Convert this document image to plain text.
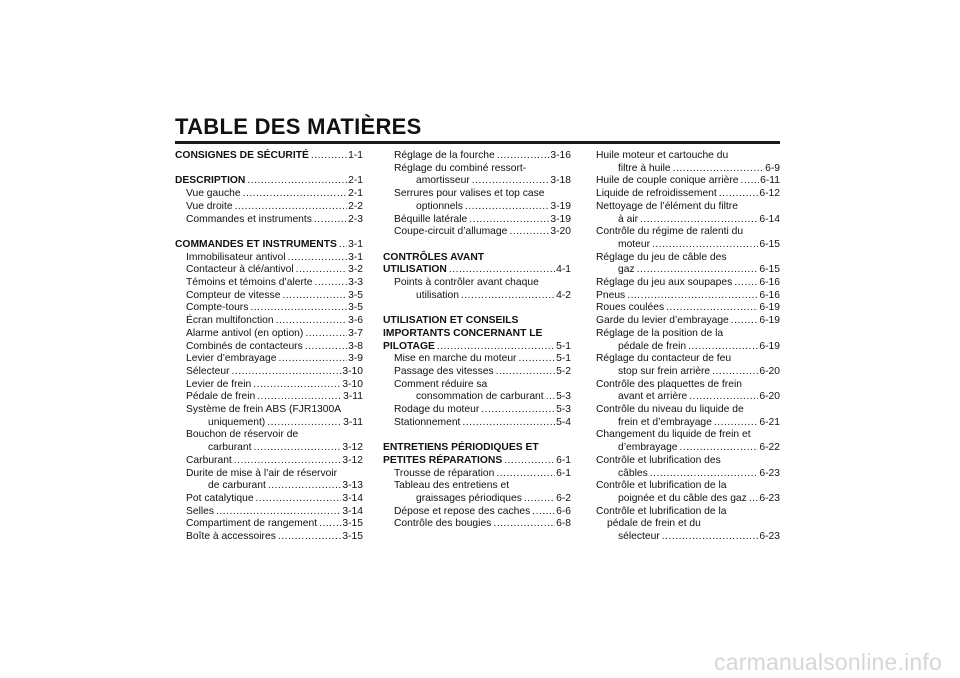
TABLE DES MATIÈRES
CONSIGNES DE SÉCURITÉ .....	1-1
DESCRIPTION .....	2-1
Vue gauche .....	2-1
Vue droite .....	2-2
Commandes et instruments .....	2-3
COMMANDES ET INSTRUMENTS ..... 3-1
Immobilisateur antivol .....	3-1
Contacteur à clé/antivol .....	3-2
Témoins et témoins d’alerte .....	3-3
Compteur de vitesse .....	3-5
Compte-tours .....	3-5
Écran multifonction .....	3-6
Alarme antivol (en option) .....	3-7
Combinés de contacteurs .....	3-8
Levier d’embrayage .....	3-9
Sélecteur .....	3-10
Levier de frein .....	3-10
Pédale de frein .....	3-11
Système de frein ABS (FJR1300A
uniquement) .....	3-11
Bouchon de réservoir de
carburant .....	3-12
Carburant .....	3-12
Durite de mise à l’air de réservoir
de carburant .....	3-13
Pot catalytique .....	3-14
Selles .....	3-14
Compartiment de rangement ..... 3-15
Boîte à accessoires .....	3-15
Réglage de la fourche .....	3-16
Réglage du combiné ressort-
amortisseur .....	3-18
Serrures pour valises et top case
optionnels .....	3-19
Béquille latérale .....	3-19
Coupe-circuit d’allumage .....	3-20
CONTRÔLES AVANT
UTILISATION .....	4-1
Points à contrôler avant chaque
utilisation .....	4-2
UTILISATION ET CONSEILS
IMPORTANTS CONCERNANT LE
PILOTAGE .....	5-1
Mise en marche du moteur .....	5-1
Passage des vitesses .....	5-2
Comment réduire sa
consommation de carburant ..... 5-3
Rodage du moteur .....	5-3
Stationnement .....	5-4
ENTRETIENS PÉRIODIQUES ET
PETITES RÉPARATIONS .....	6-1
Trousse de réparation .....	6-1
Tableau des entretiens et
graissages périodiques .....	6-2
Dépose et repose des caches .....	6-6
Contrôle des bougies .....	6-8
Huile moteur et cartouche du
filtre à huile .....	6-9
Huile de couple conique arrière ..... 6-11
Liquide de refroidissement .....	6-12
Nettoyage de l’élément du filtre
à air .....	6-14
Contrôle du régime de ralenti du
moteur .....	6-15
Réglage du jeu de câble des
gaz .....	6-15
Réglage du jeu aux soupapes .....	6-16
Pneus .....	6-16
Roues coulées .....	6-19
Garde du levier d’embrayage .....	6-19
Réglage de la position de la
pédale de frein .....	6-19
Réglage du contacteur de feu
stop sur frein arrière .....	6-20
Contrôle des plaquettes de frein
avant et arrière .....	6-20
Contrôle du niveau du liquide de
frein et d’embrayage .....	6-21
Changement du liquide de frein et
d’embrayage .....	6-22
Contrôle et lubrification des
câbles .....	6-23
Contrôle et lubrification de la
poignée et du câble des gaz ..... 6-23
Contrôle et lubrification de la
pédale de frein et du
sélecteur .....	6-23
carmanualsonline.info
